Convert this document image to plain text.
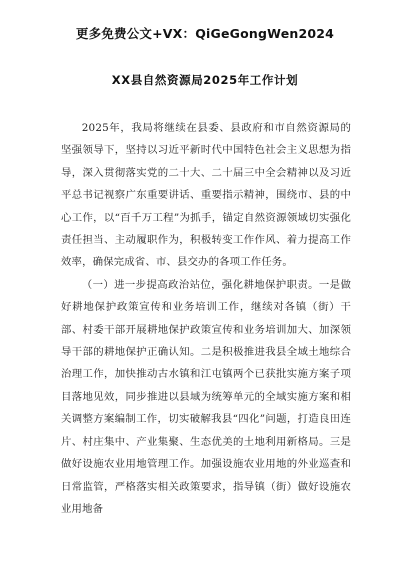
更多免费公文+VX：QiGeGongWen2024
XX县自然资源局2025年工作计划

2025年，我局将继续在县委、县政府和市自然资源局的坚强领导下，坚持以习近平新时代中国特色社会主义思想为指导，深入贯彻落实党的二十大、二十届三中全会精神以及习近平总书记视察广东重要讲话、重要指示精神，围绕市、县的中心工作，以“百千万工程”为抓手，锚定自然资源领域切实强化责任担当、主动履职作为，积极转变工作作风、着力提高工作效率，确保完成省、市、县交办的各项工作任务。

（一）进一步提高政治站位，强化耕地保护职责。一是做好耕地保护政策宣传和业务培训工作，继续对各镇（街）干部、村委干部开展耕地保护政策宣传和业务培训加大、加深领导干部的耕地保护正确认知。二是积极推进我县全域土地综合治理工作，加快推动古水镇和江屯镇两个已获批实施方案子项目落地见效，同步推进以县域为统筹单元的全域实施方案和相关调整方案编制工作，切实破解我县“四化”问题，打造良田连片、村庄集中、产业集聚、生态优美的土地利用新格局。三是做好设施农业用地管理工作。加强设施农业用地的外业巡查和日常监管，严格落实相关政策要求，指导镇（街）做好设施农业用地备
